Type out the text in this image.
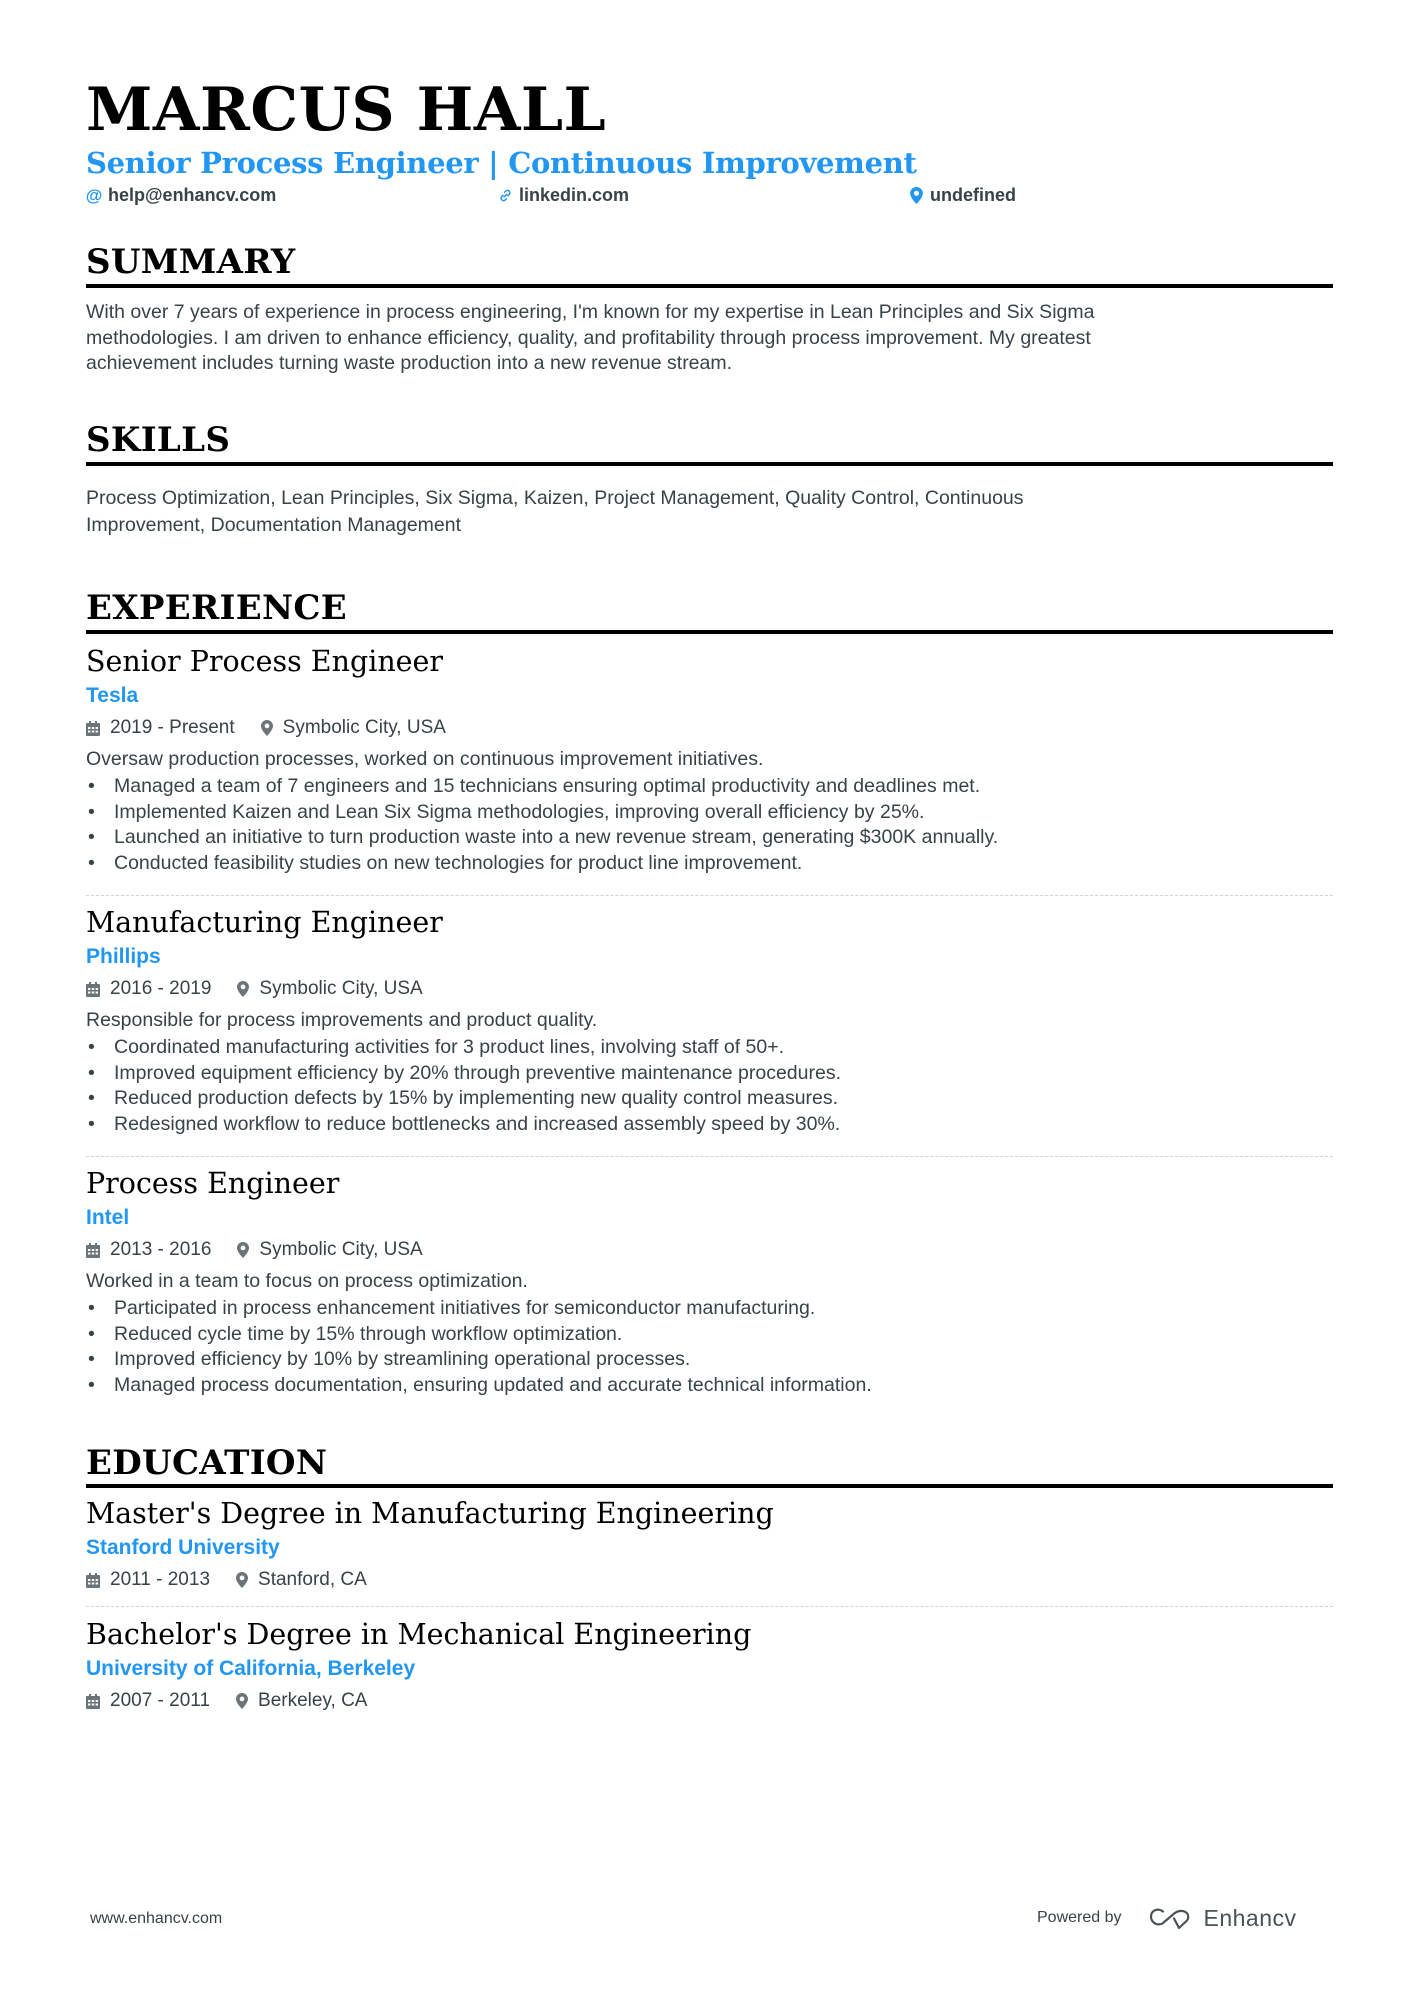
MARCUS HALL
Senior Process Engineer | Continuous Improvement
@ help@enhancv.com	linkedin.com	undefined
SUMMARY
With over 7 years of experience in process engineering, I'm known for my expertise in Lean Principles and Six Sigma
methodologies. I am driven to enhance efficiency, quality, and profitability through process improvement. My greatest
achievement includes turning waste production into a new revenue stream.
SKILLS
Process Optimization, Lean Principles, Six Sigma, Kaizen, Project Management, Quality Control, Continuous
Improvement, Documentation Management
EXPERIENCE
Senior Process Engineer
Tesla
2019 - Present	Symbolic City, USA
Oversaw production processes, worked on continuous improvement initiatives.
• Managed a team of 7 engineers and 15 technicians ensuring optimal productivity and deadlines met.
• Implemented Kaizen and Lean Six Sigma methodologies, improving overall efficiency by 25%.
• Launched an initiative to turn production waste into a new revenue stream, generating $300K annually.
• Conducted feasibility studies on new technologies for product line improvement.
Manufacturing Engineer
Phillips
2016 - 2019	Symbolic City, USA
Responsible for process improvements and product quality.
• Coordinated manufacturing activities for 3 product lines, involving staff of 50+.
• Improved equipment efficiency by 20% through preventive maintenance procedures.
• Reduced production defects by 15% by implementing new quality control measures.
• Redesigned workflow to reduce bottlenecks and increased assembly speed by 30%.
Process Engineer
Intel
2013 - 2016	Symbolic City, USA
Worked in a team to focus on process optimization.
• Participated in process enhancement initiatives for semiconductor manufacturing.
• Reduced cycle time by 15% through workflow optimization.
• Improved efficiency by 10% by streamlining operational processes.
• Managed process documentation, ensuring updated and accurate technical information.
EDUCATION
Master's Degree in Manufacturing Engineering
Stanford University
2011 - 2013	Stanford, CA
Bachelor's Degree in Mechanical Engineering
University of California, Berkeley
2007 - 2011	Berkeley, CA
www.enhancv.com	Powered by	Enhancv
